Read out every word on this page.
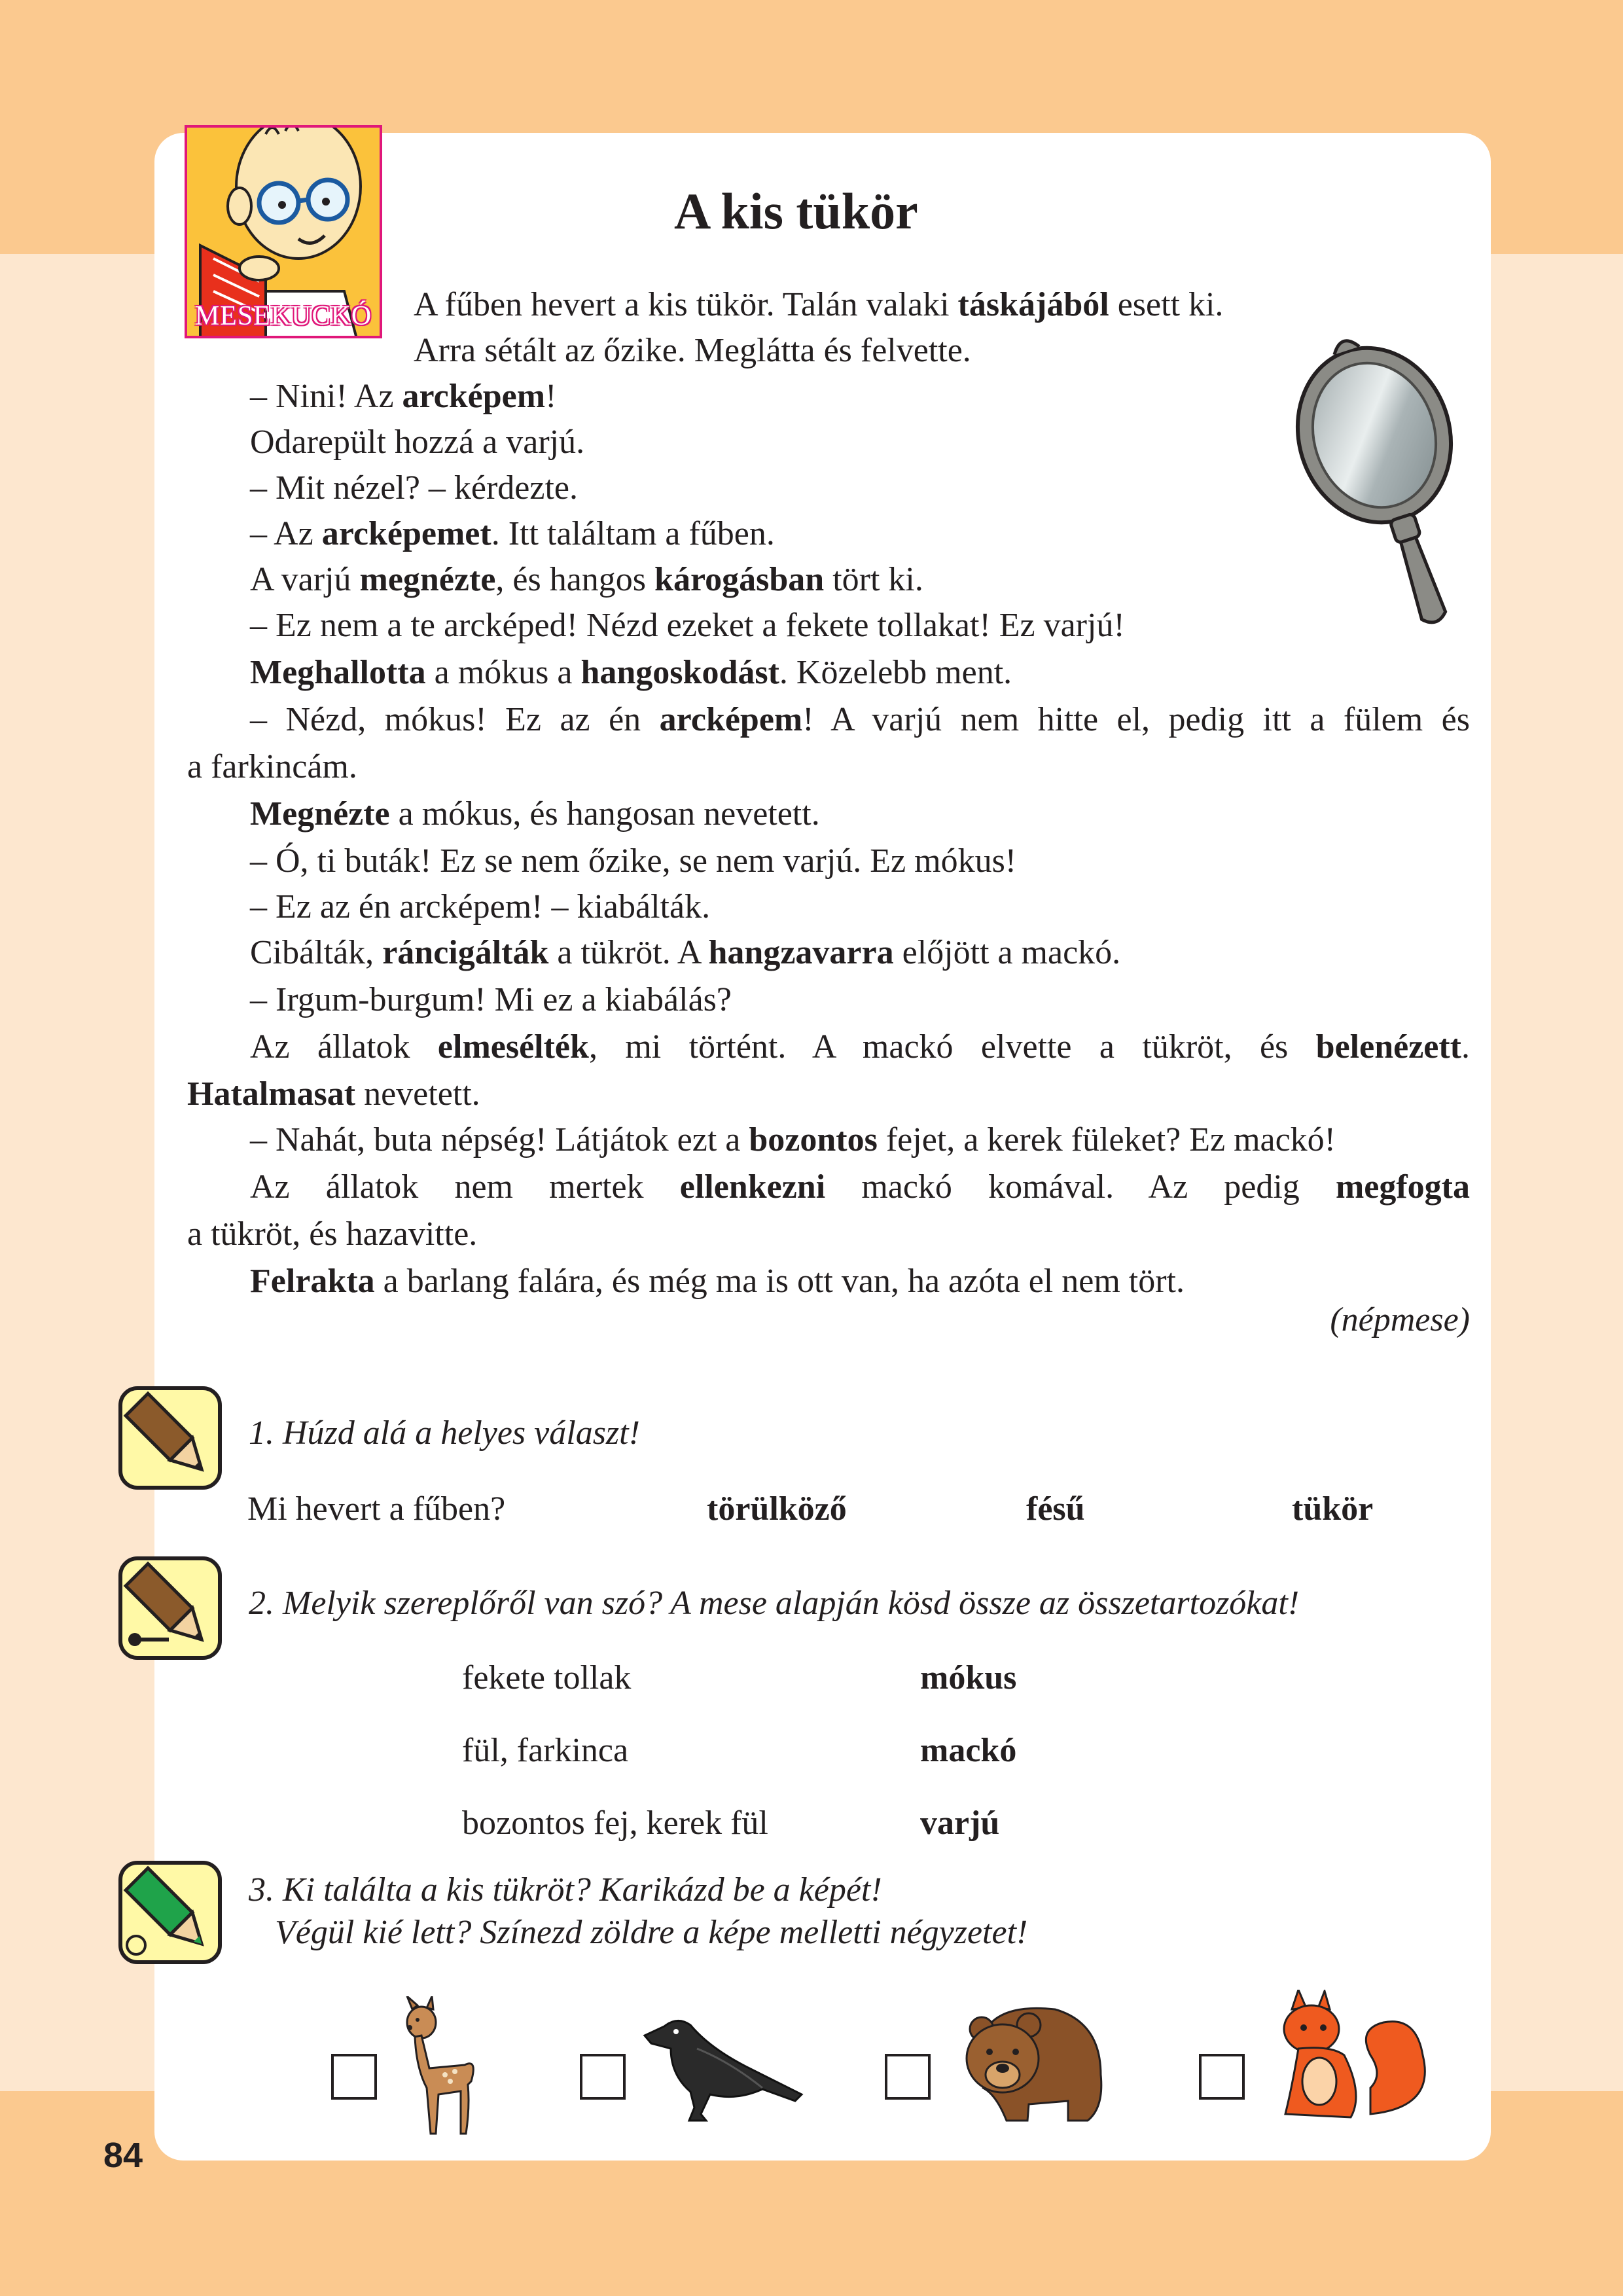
MESEKUCKÓ
A kis tükör

A fűben hevert a kis tükör. Talán valaki táskájából esett ki.

Arra sétált az őzike. Meglátta és felvette.

– Nini! Az arcképem!

Odarepült hozzá a varjú.

– Mit nézel? – kérdezte.

– Az arcképemet. Itt találtam a fűben.

A varjú megnézte, és hangos károgásban tört ki.

– Ez nem a te arcképed! Nézd ezeket a fekete tollakat! Ez varjú!

Meghallotta a mókus a hangoskodást. Közelebb ment.

– Nézd, mókus! Ez az én arcképem! A varjú nem hitte el, pedig itt a fülem és

a farkincám.

Megnézte a mókus, és hangosan nevetett.

– Ó, ti buták! Ez se nem őzike, se nem varjú. Ez mókus!

– Ez az én arcképem! – kiabálták.

Cibálták, ráncigálták a tükröt. A hangzavarra előjött a mackó.

– Irgum-burgum! Mi ez a kiabálás?

Az állatok elmesélték, mi történt. A mackó elvette a tükröt, és belenézett.

Hatalmasat nevetett.

– Nahát, buta népség! Látjátok ezt a bozontos fejet, a kerek füleket? Ez mackó!

Az állatok nem mertek ellenkezni mackó komával. Az pedig megfogta

a tükröt, és hazavitte.

Felrakta a barlang falára, és még ma is ott van, ha azóta el nem tört.

(népmese)
1. Húzd alá a helyes választ!
Mi hevert a fűben?	törülköző	fésű	tükör
2. Melyik szereplőről van szó? A mese alapján kösd össze az összetartozókat!
fekete tollak	mókus
fül, farkinca	mackó
bozontos fej, kerek fül	varjú
3. Ki találta a kis tükröt? Karikázd be a képét!
Végül kié lett? Színezd zöldre a képe melletti négyzetet!
84
